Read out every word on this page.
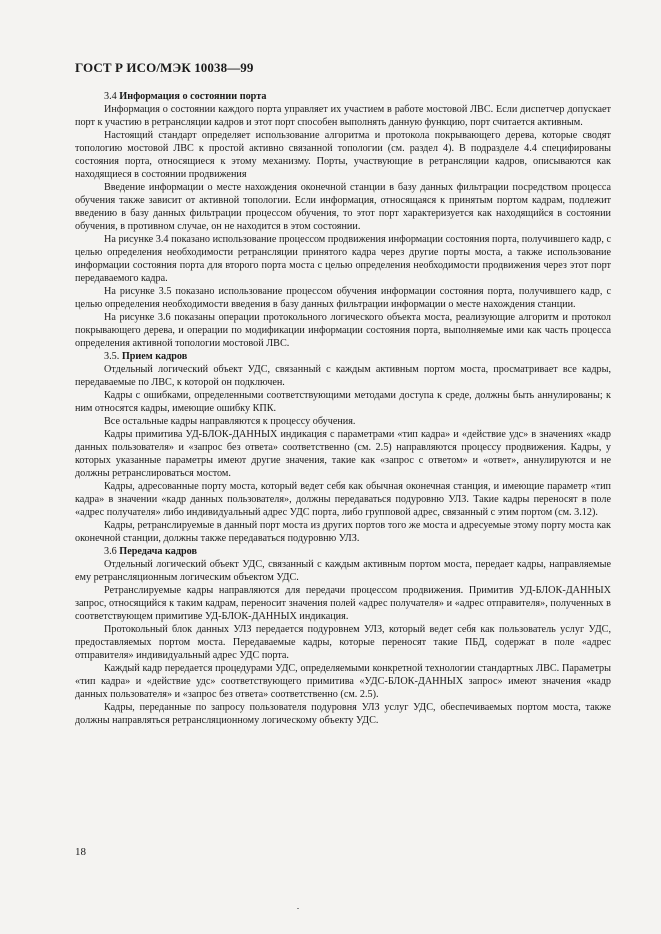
ГОСТ Р ИСО/МЭК 10038—99
3.4 Информация о состоянии порта

Информация о состоянии каждого порта управляет их участием в работе мостовой ЛВС. Если диспетчер допускает порт к участию в ретрансляции кадров и этот порт способен выполнять данную функцию, порт считается активным.

Настоящий стандарт определяет использование алгоритма и протокола покрывающего дерева, которые сводят топологию мостовой ЛВС к простой активно связанной топологии (см. раздел 4). В подразделе 4.4 специфированы состояния порта, относящиеся к этому механизму. Порты, участвующие в ретрансляции кадров, описываются как находящиеся в состоянии продвижения

Введение информации о месте нахождения оконечной станции в базу данных фильтрации посредством процесса обучения также зависит от активной топологии. Если информация, относящаяся к принятым портом кадрам, подлежит введению в базу данных фильтрации процессом обучения, то этот порт характеризуется как находящийся в состоянии обучения, в противном случае, он не находится в этом состоянии.

На рисунке 3.4 показано использование процессом продвижения информации состояния порта, получившего кадр, с целью определения необходимости ретрансляции принятого кадра через другие порты моста, а также использование информации состояния порта для второго порта моста с целью определения необходимости продвижения через этот порт передаваемого кадра.

На рисунке 3.5 показано использование процессом обучения информации состояния порта, получившего кадр, с целью определения необходимости введения в базу данных фильтрации информации о месте нахождения станции.

На рисунке 3.6 показаны операции протокольного логического объекта моста, реализующие алгоритм и протокол покрывающего дерева, и операции по модификации информации состояния порта, выполняемые ими как часть процесса определения активной топологии мостовой ЛВС.

3.5. Прием кадров

Отдельный логический объект УДС, связанный с каждым активным портом моста, просматривает все кадры, передаваемые по ЛВС, к которой он подключен.

Кадры с ошибками, определенными соответствующими методами доступа к среде, должны быть аннулированы; к ним относятся кадры, имеющие ошибку КПК.

Все остальные кадры направляются к процессу обучения.

Кадры примитива УД-БЛОК-ДАННЫХ индикация с параметрами «тип кадра» и «действие удс» в значениях «кадр данных пользователя» и «запрос без ответа» соответственно (см. 2.5) направляются процессу продвижения. Кадры, у которых указанные параметры имеют другие значения, такие как «запрос с ответом» и «ответ», аннулируются и не должны ретранслироваться мостом.

Кадры, адресованные порту моста, который ведет себя как обычная оконечная станция, и имеющие параметр «тип кадра» в значении «кадр данных пользователя», должны передаваться подуровню УЛЗ. Такие кадры переносят в поле «адрес получателя» либо индивидуальный адрес УДС порта, либо групповой адрес, связанный с этим портом (см. 3.12).

Кадры, ретранслируемые в данный порт моста из других портов того же моста и адресуемые этому порту моста как оконечной станции, должны также передаваться подуровню УЛЗ.

3.6 Передача кадров

Отдельный логический объект УДС, связанный с каждым активным портом моста, передает кадры, направляемые ему ретрансляционным логическим объектом УДС.

Ретранслируемые кадры направляются для передачи процессом продвижения. Примитив УД-БЛОК-ДАННЫХ запрос, относящийся к таким кадрам, переносит значения полей «адрес получателя» и «адрес отправителя», полученных в соответствующем примитиве УД-БЛОК-ДАННЫХ индикация.

Протокольный блок данных УЛЗ передается подуровнем УЛЗ, который ведет себя как пользователь услуг УДС, предоставляемых портом моста. Передаваемые кадры, которые переносят такие ПБД, содержат в поле «адрес отправителя» индивидуальный адрес УДС порта.

Каждый кадр передается процедурами УДС, определяемыми конкретной технологии стандартных ЛВС. Параметры «тип кадра» и «действие удс» соответствующего примитива «УДС-БЛОК-ДАННЫХ запрос» имеют значения «кадр данных пользователя» и «запрос без ответа» соответственно (см. 2.5).

Кадры, переданные по запросу пользователя подуровня УЛЗ услуг УДС, обеспечиваемых портом моста, также должны направляться ретрансляционному логическому объекту УДС.

18
